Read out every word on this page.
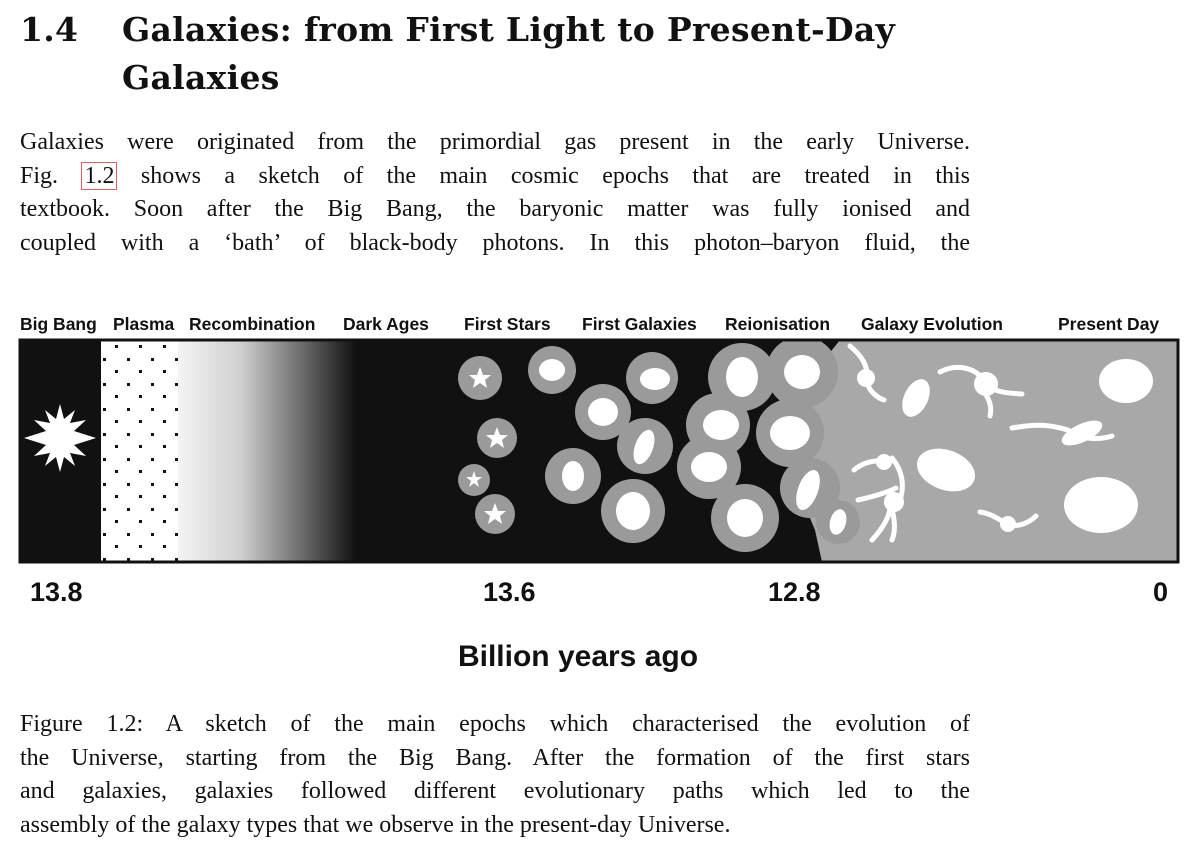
1.4 Galaxies: from First Light to Present-Day
Galaxies
Galaxies were originated from the primordial gas present in the early Universe.
Fig. 1.2 shows a sketch of the main cosmic epochs that are treated in this
textbook. Soon after the Big Bang, the baryonic matter was fully ionised and
coupled with a ‘bath’ of black-body photons. In this photon–baryon fluid, the
Big Bang Plasma Recombination Dark Ages First Stars First Galaxies Reionisation Galaxy Evolution	Present Day
13.8	13.6	12.8	0
Billion years ago
Figure 1.2: A sketch of the main epochs which characterised the evolution of
the Universe, starting from the Big Bang. After the formation of the first stars
and galaxies, galaxies followed different evolutionary paths which led to the
assembly of the galaxy types that we observe in the present-day Universe.
